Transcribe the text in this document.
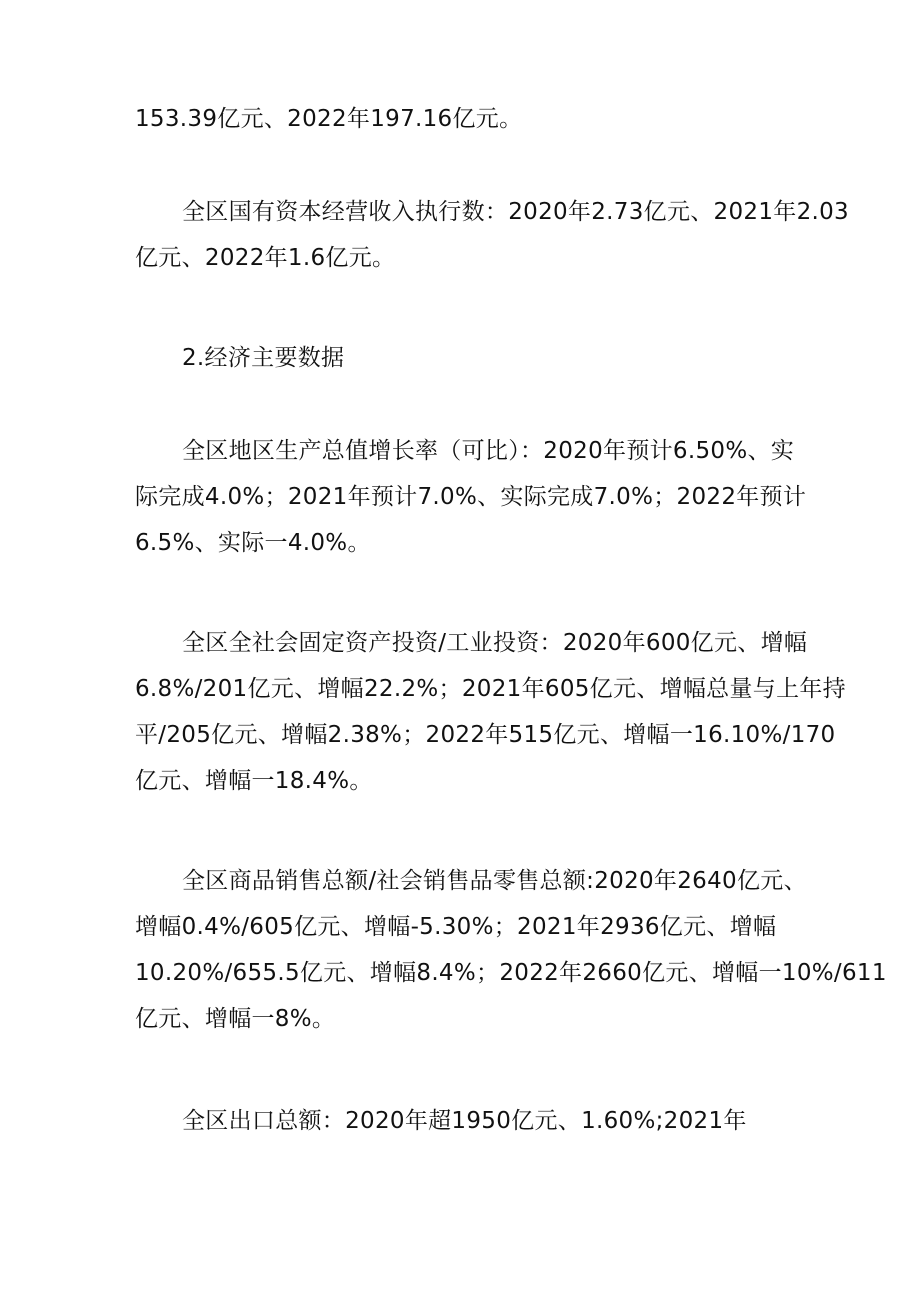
153.39亿元、2022年197.16亿元。

全区国有资本经营收入执行数：2020年2.73亿元、2021年2.03
亿元、2022年1.6亿元。

2.经济主要数据

全区地区生产总值增长率（可比）：2020年预计6.50%、实
际完成4.0%；2021年预计7.0%、实际完成7.0%；2022年预计
6.5%、实际一4.0%。

全区全社会固定资产投资/工业投资：2020年600亿元、增幅
6.8%/201亿元、增幅22.2%；2021年605亿元、增幅总量与上年持
平/205亿元、增幅2.38%；2022年515亿元、增幅一16.10%/170
亿元、增幅一18.4%。

全区商品销售总额/社会销售品零售总额:2020年2640亿元、
增幅0.4%/605亿元、增幅-5.30%；2021年2936亿元、增幅
10.20%/655.5亿元、增幅8.4%；2022年2660亿元、增幅一10%/611
亿元、增幅一8%。

全区出口总额：2020年超1950亿元、1.60%;2021年
